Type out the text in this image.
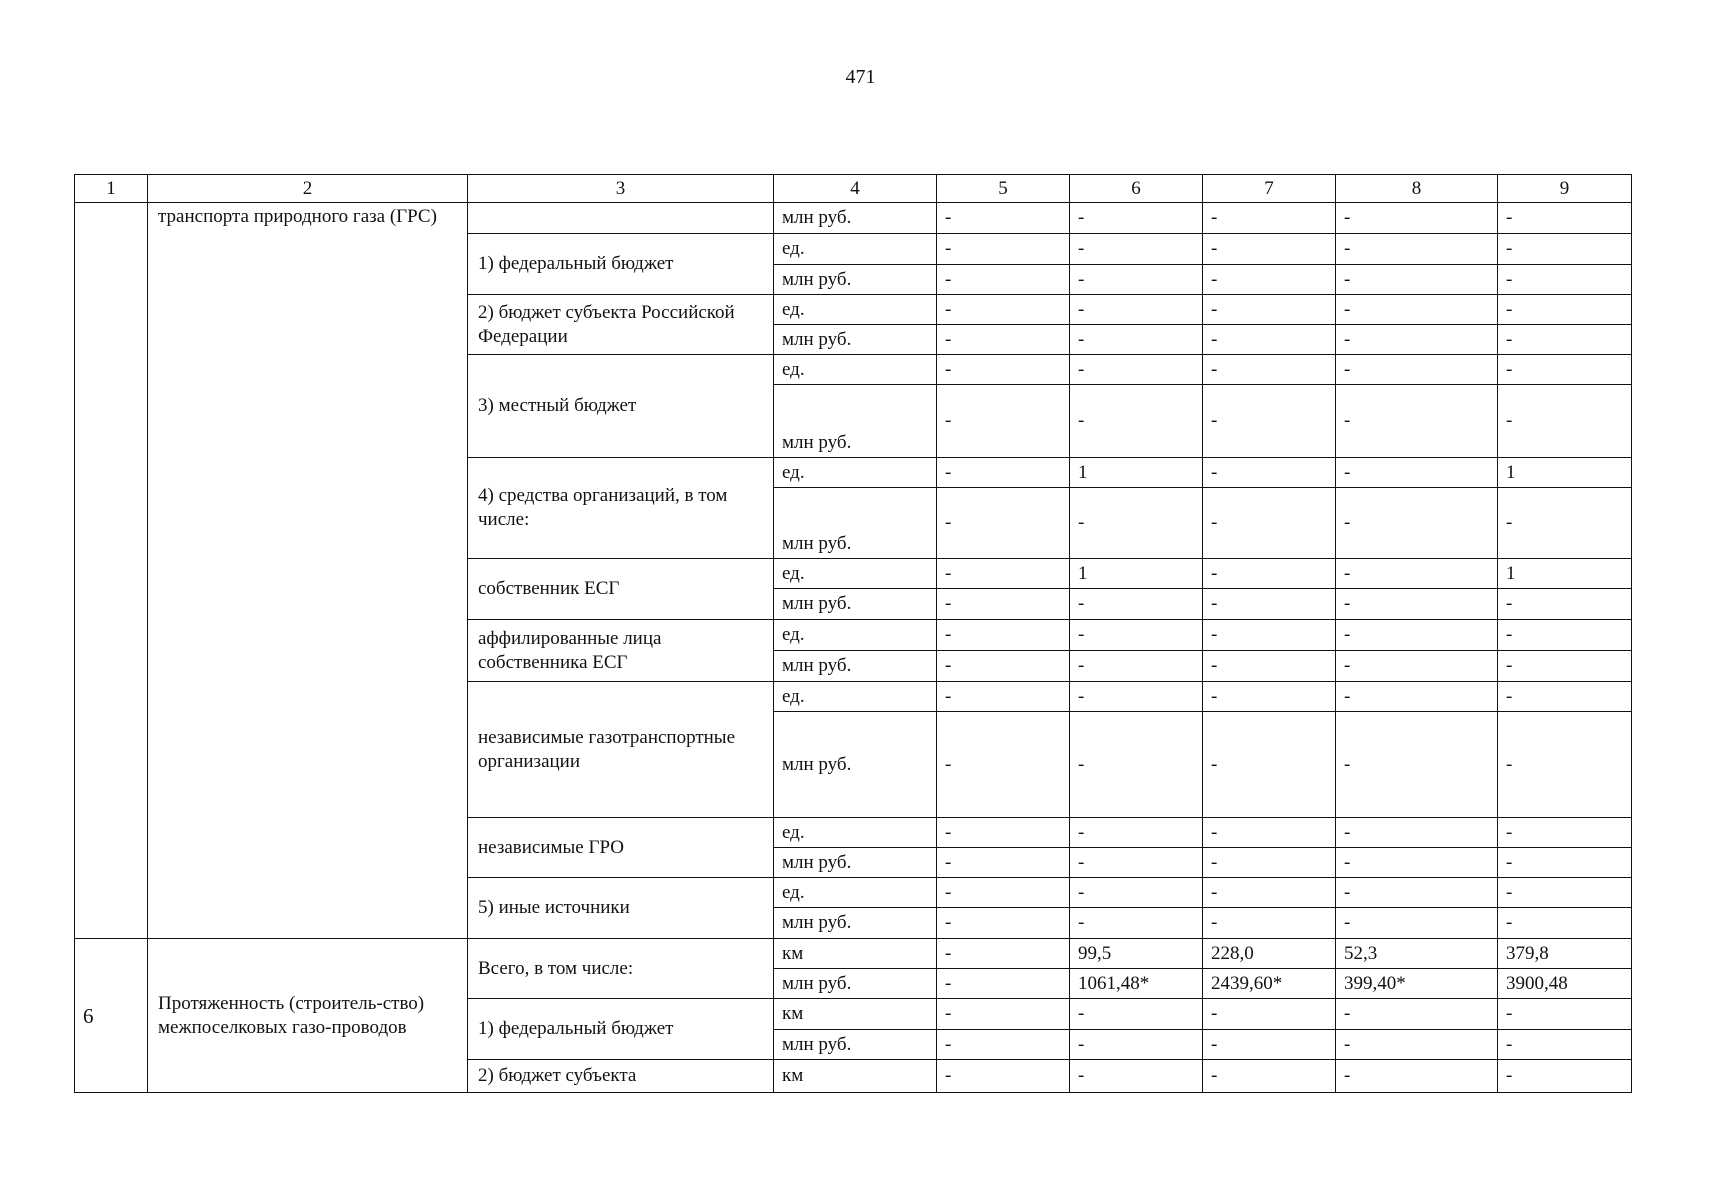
471
1	2	3	4	5	6	7	8	9
	транспорта природного газа (ГРС)		млн руб.	-	-	-	-	-
		1) федеральный бюджет	ед.	-	-	-	-	-
			млн руб.	-	-	-	-	-
		2) бюджет субъекта Российской Федерации	ед.	-	-	-	-	-
			млн руб.	-	-	-	-	-
		3) местный бюджет	ед.	-	-	-	-	-
			млн руб.	-	-	-	-	-
		4) средства организаций, в том числе:	ед.	-	1	-	-	1
			млн руб.	-	-	-	-	-
		собственник ЕСГ	ед.	-	1	-	-	1
			млн руб.	-	-	-	-	-
		аффилированные лица собственника ЕСГ	ед.	-	-	-	-	-
			млн руб.	-	-	-	-	-
		независимые газотранспортные организации	ед.	-	-	-	-	-
			млн руб.	-	-	-	-	-
		независимые ГРО	ед.	-	-	-	-	-
			млн руб.	-	-	-	-	-
		5) иные источники	ед.	-	-	-	-	-
			млн руб.	-	-	-	-	-
6	Протяженность (строитель-ство) межпоселковых газо-проводов	Всего, в том числе:	км	-	99,5	228,0	52,3	379,8
			млн руб.	-	1061,48*	2439,60*	399,40*	3900,48
		1) федеральный бюджет	км	-	-	-	-	-
			млн руб.	-	-	-	-	-
		2) бюджет субъекта	км	-	-	-	-	-
